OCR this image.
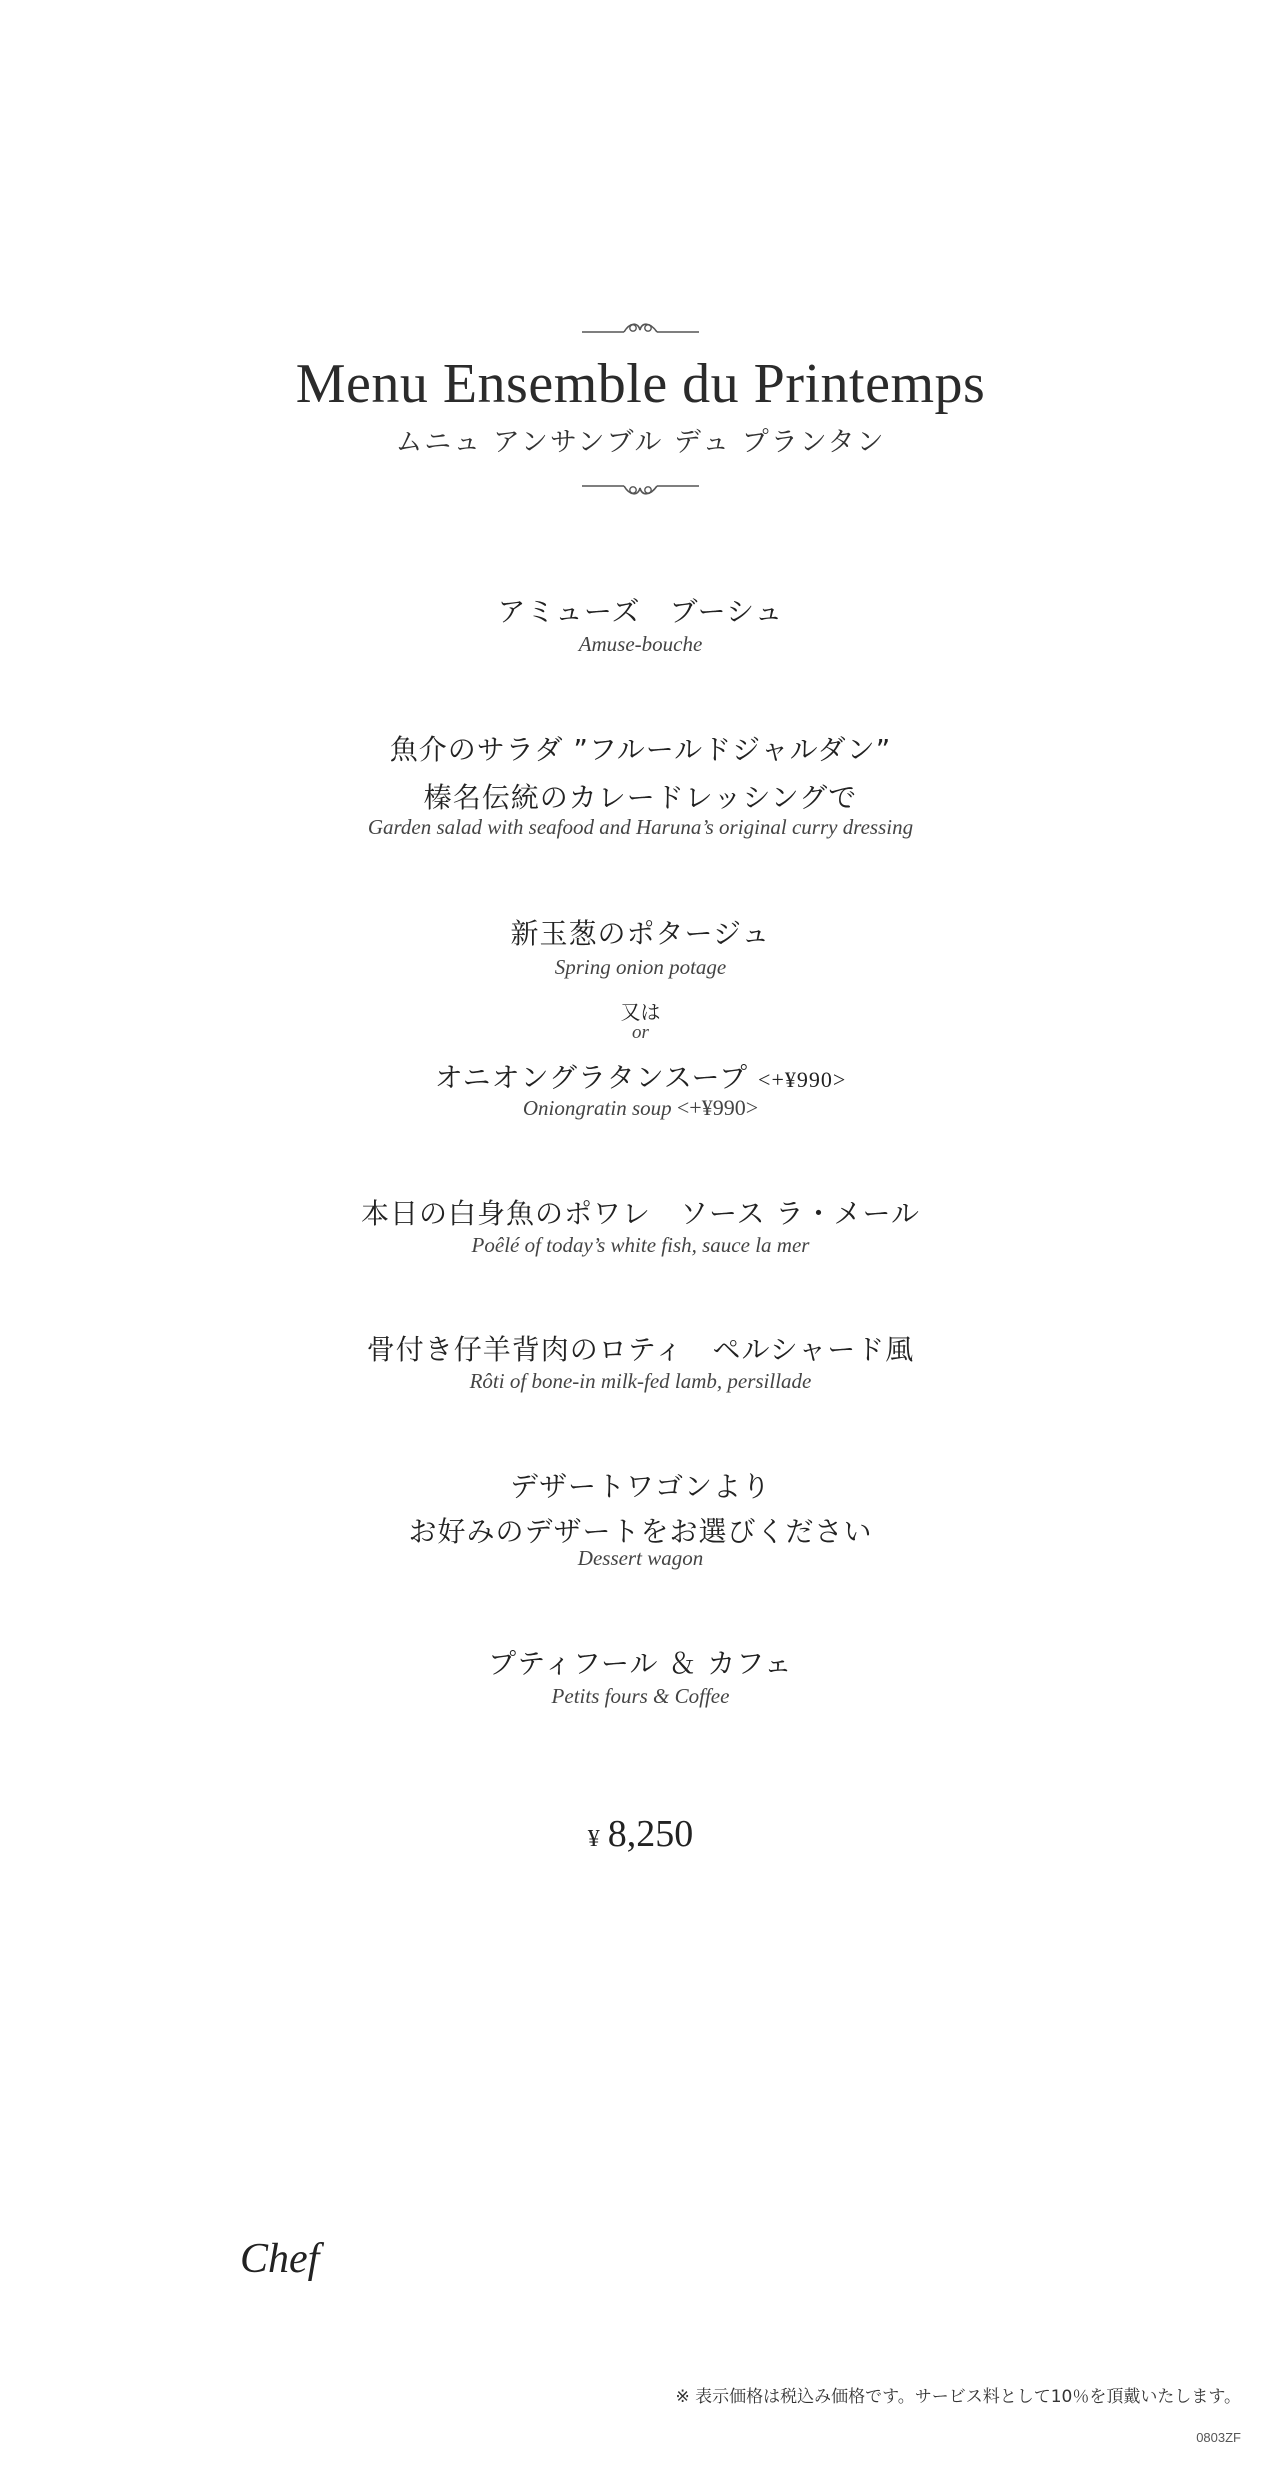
Menu Ensemble du Printemps
ムニュ アンサンブル デュ プランタン
アミューズ　ブーシュ
Amuse-bouche
魚介のサラダ ”フルールドジャルダン”
榛名伝統のカレードレッシングで
Garden salad with seafood and Haruna’s original curry dressing
新玉葱のポタージュ
Spring onion potage
又は
or
オニオングラタンスープ <+¥990>
Oniongratin soup <+¥990>
本日の白身魚のポワレ　ソース ラ・メール
Poêlé of today’s white fish, sauce la mer
骨付き仔羊背肉のロティ　ペルシャード風
Rôti of bone-in milk-fed lamb, persillade
デザートワゴンより
お好みのデザートをお選びください
Dessert wagon
プティフール ＆ カフェ
Petits fours & Coffee
¥ 8,250
Chef
※ 表示価格は税込み価格です。サービス料として10％を頂戴いたします。
0803ZF
